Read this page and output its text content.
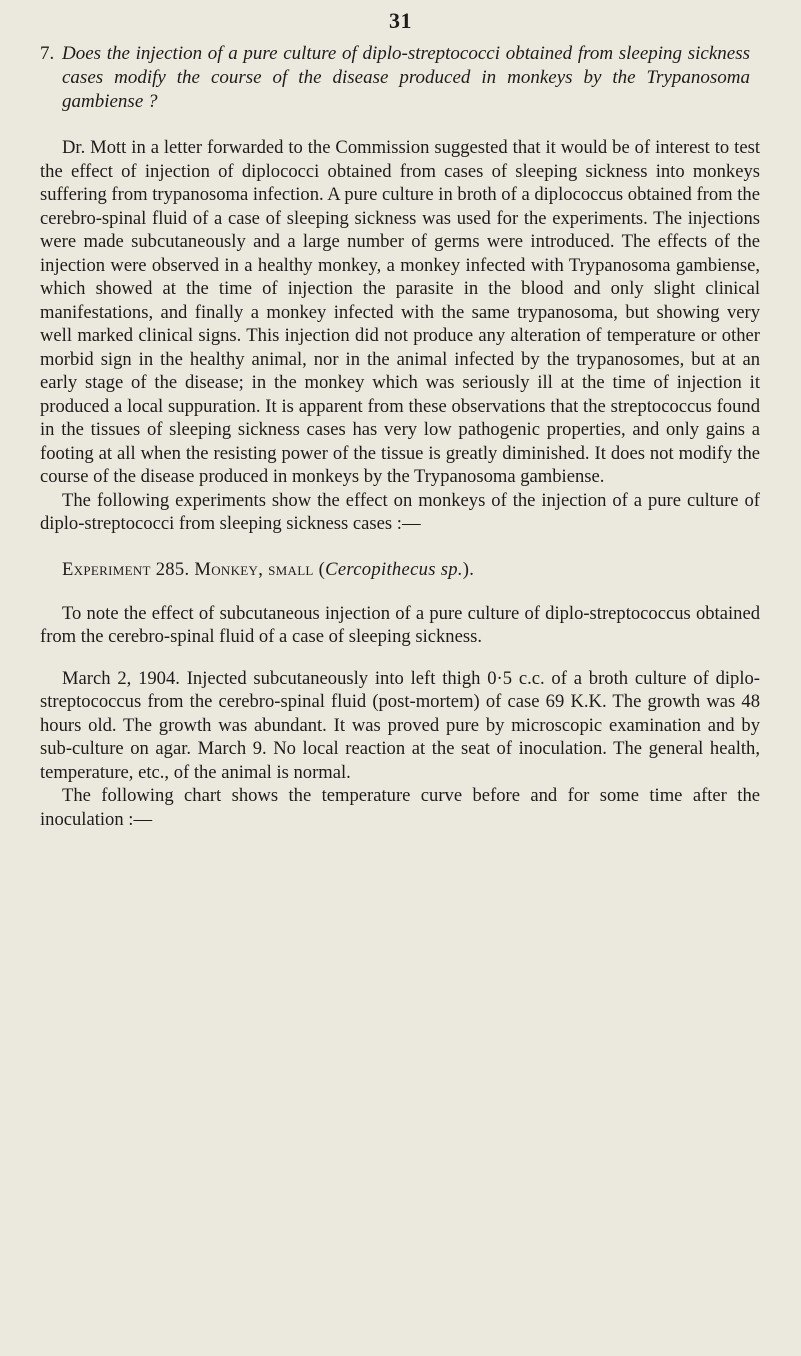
31
7. Does the injection of a pure culture of diplo-streptococci obtained from sleeping sickness cases modify the course of the disease produced in monkeys by the Trypanosoma gambiense ?

Dr. Mott in a letter forwarded to the Commission suggested that it would be of interest to test the effect of injection of diplococci obtained from cases of sleeping sickness into monkeys suffering from trypanosoma infection. A pure culture in broth of a diplococcus obtained from the cerebro-spinal fluid of a case of sleeping sickness was used for the experiments. The injections were made subcutaneously and a large number of germs were introduced. The effects of the injection were observed in a healthy monkey, a monkey infected with Trypanosoma gambiense, which showed at the time of injection the parasite in the blood and only slight clinical manifestations, and finally a monkey infected with the same trypanosoma, but showing very well marked clinical signs. This injection did not produce any alteration of temperature or other morbid sign in the healthy animal, nor in the animal infected by the trypanosomes, but at an early stage of the disease; in the monkey which was seriously ill at the time of injection it produced a local suppuration. It is apparent from these observations that the streptococcus found in the tissues of sleeping sickness cases has very low pathogenic properties, and only gains a footing at all when the resisting power of the tissue is greatly diminished. It does not modify the course of the disease produced in monkeys by the Trypanosoma gambiense.

The following experiments show the effect on monkeys of the injection of a pure culture of diplo-streptococci from sleeping sickness cases :—

Experiment 285. Monkey, small (Cercopithecus sp.).

To note the effect of subcutaneous injection of a pure culture of diplo-streptococcus obtained from the cerebro-spinal fluid of a case of sleeping sickness.

March 2, 1904. Injected subcutaneously into left thigh 0·5 c.c. of a broth culture of diplo-streptococcus from the cerebro-spinal fluid (post-mortem) of case 69 K.K. The growth was 48 hours old. The growth was abundant. It was proved pure by microscopic examination and by sub-culture on agar. March 9. No local reaction at the seat of inoculation. The general health, temperature, etc., of the animal is normal.

The following chart shows the temperature curve before and for some time after the inoculation :—
